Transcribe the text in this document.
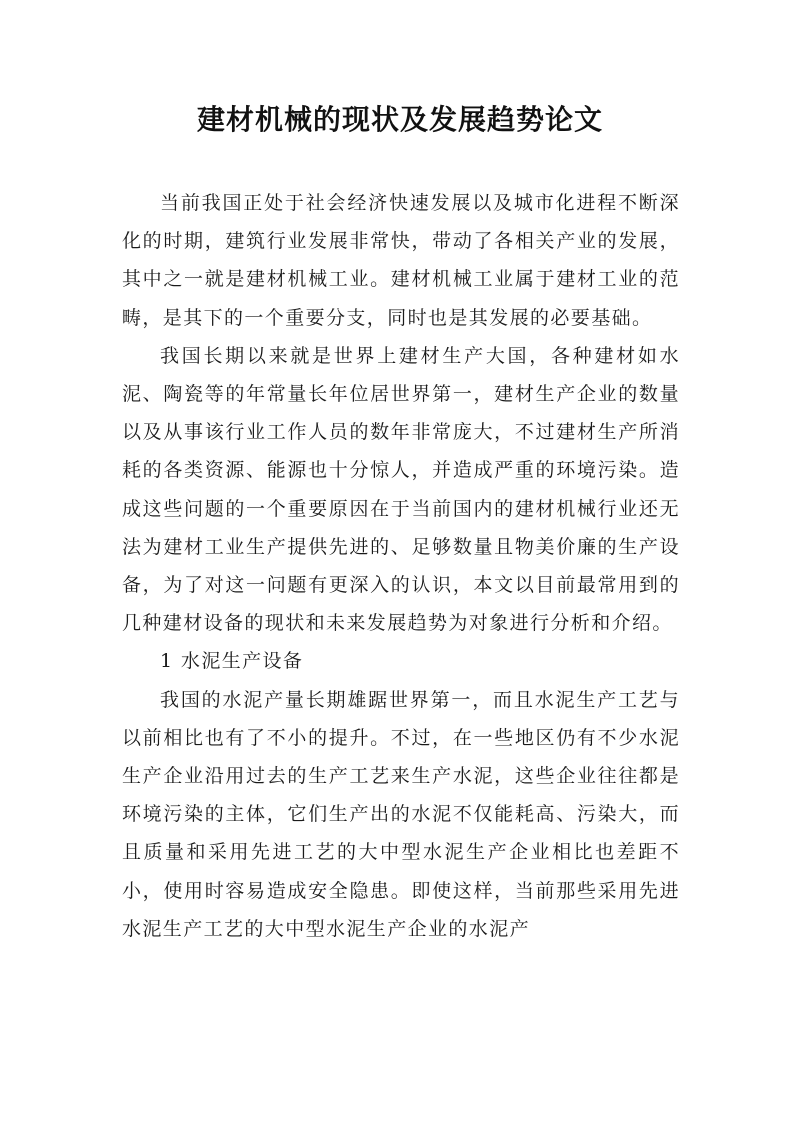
建材机械的现状及发展趋势论文

当前我国正处于社会经济快速发展以及城市化进程不断深化的时期，建筑行业发展非常快，带动了各相关产业的发展，其中之一就是建材机械工业。建材机械工业属于建材工业的范畴，是其下的一个重要分支，同时也是其发展的必要基础。

我国长期以来就是世界上建材生产大国，各种建材如水泥、陶瓷等的年常量长年位居世界第一，建材生产企业的数量以及从事该行业工作人员的数年非常庞大，不过建材生产所消耗的各类资源、能源也十分惊人，并造成严重的环境污染。造成这些问题的一个重要原因在于当前国内的建材机械行业还无法为建材工业生产提供先进的、足够数量且物美价廉的生产设备，为了对这一问题有更深入的认识，本文以目前最常用到的几种建材设备的现状和未来发展趋势为对象进行分析和介绍。

1 水泥生产设备

我国的水泥产量长期雄踞世界第一，而且水泥生产工艺与以前相比也有了不小的提升。不过，在一些地区仍有不少水泥生产企业沿用过去的生产工艺来生产水泥，这些企业往往都是环境污染的主体，它们生产出的水泥不仅能耗高、污染大，而且质量和采用先进工艺的大中型水泥生产企业相比也差距不小，使用时容易造成安全隐患。即使这样，当前那些采用先进水泥生产工艺的大中型水泥生产企业的水泥产
